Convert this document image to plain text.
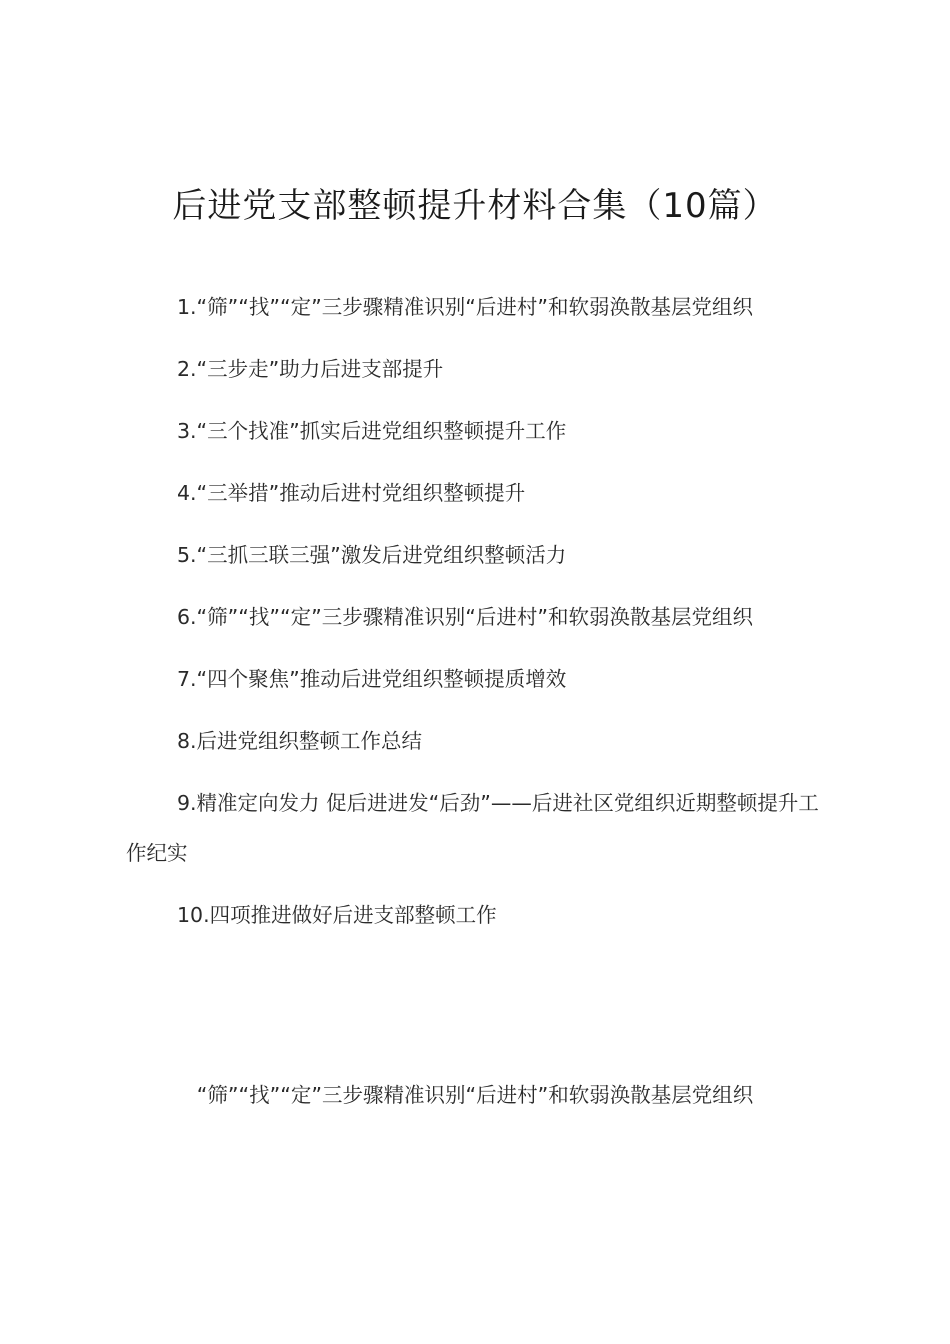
后进党支部整顿提升材料合集（10篇）
1.“筛”“找”“定”三步骤精准识别“后进村”和软弱涣散基层党组织
2.“三步走”助力后进支部提升
3.“三个找准”抓实后进党组织整顿提升工作
4.“三举措”推动后进村党组织整顿提升
5.“三抓三联三强”激发后进党组织整顿活力
6.“筛”“找”“定”三步骤精准识别“后进村”和软弱涣散基层党组织
7.“四个聚焦”推动后进党组织整顿提质增效
8.后进党组织整顿工作总结
9.精准定向发力 促后进进发“后劲”——后进社区党组织近期整顿提升工作纪实
10.四项推进做好后进支部整顿工作
“筛”“找”“定”三步骤精准识别“后进村”和软弱涣散基层党组织
